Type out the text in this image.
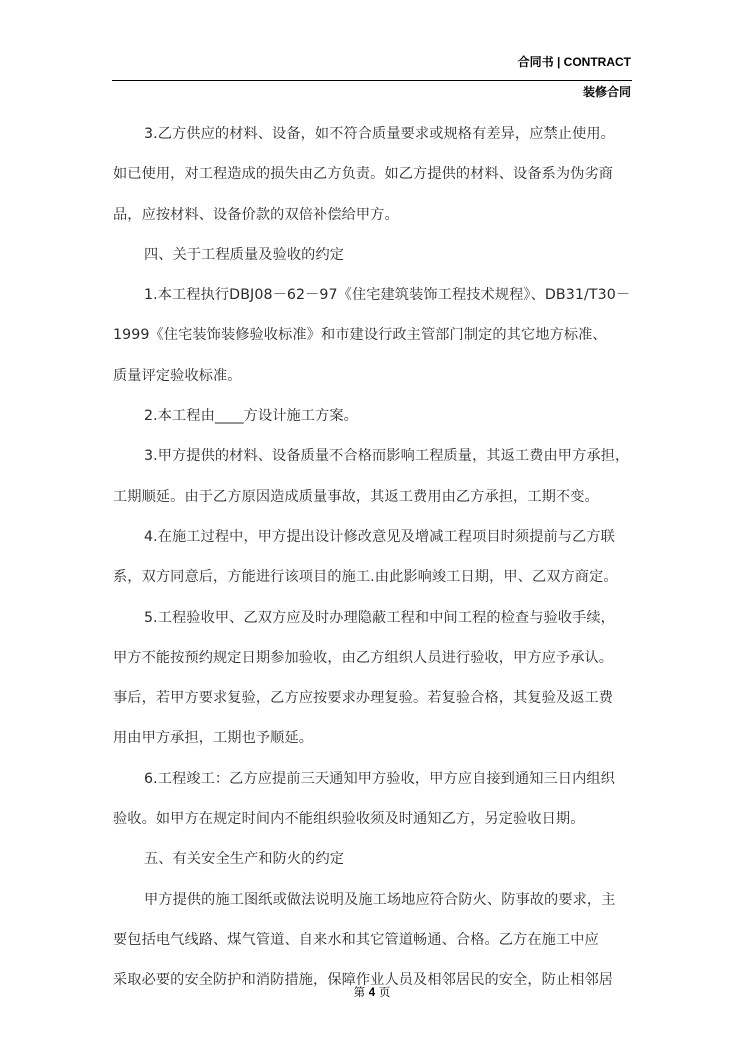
合同书 | CONTRACT
装修合同
3.乙方供应的材料、设备，如不符合质量要求或规格有差异，应禁止使用。
如已使用，对工程造成的损失由乙方负责。如乙方提供的材料、设备系为伪劣商
品，应按材料、设备价款的双倍补偿给甲方。
四、关于工程质量及验收的约定
1.本工程执行DBJ08－62－97《住宅建筑装饰工程技术规程》、DB31/T30－
1999《住宅装饰装修验收标准》和市建设行政主管部门制定的其它地方标准、
质量评定验收标准。
2.本工程由____方设计施工方案。
3.甲方提供的材料、设备质量不合格而影响工程质量，其返工费由甲方承担，
工期顺延。由于乙方原因造成质量事故，其返工费用由乙方承担，工期不变。
4.在施工过程中，甲方提出设计修改意见及增减工程项目时须提前与乙方联
系，双方同意后，方能进行该项目的施工.由此影响竣工日期，甲、乙双方商定。
5.工程验收甲、乙双方应及时办理隐蔽工程和中间工程的检查与验收手续，
甲方不能按预约规定日期参加验收，由乙方组织人员进行验收，甲方应予承认。
事后，若甲方要求复验，乙方应按要求办理复验。若复验合格，其复验及返工费
用由甲方承担，工期也予顺延。
6.工程竣工：乙方应提前三天通知甲方验收，甲方应自接到通知三日内组织
验收。如甲方在规定时间内不能组织验收须及时通知乙方，另定验收日期。
五、有关安全生产和防火的约定
甲方提供的施工图纸或做法说明及施工场地应符合防火、防事故的要求，主
要包括电气线路、煤气管道、自来水和其它管道畅通、合格。乙方在施工中应
采取必要的安全防护和消防措施，保障作业人员及相邻居民的安全，防止相邻居
第 4 页
